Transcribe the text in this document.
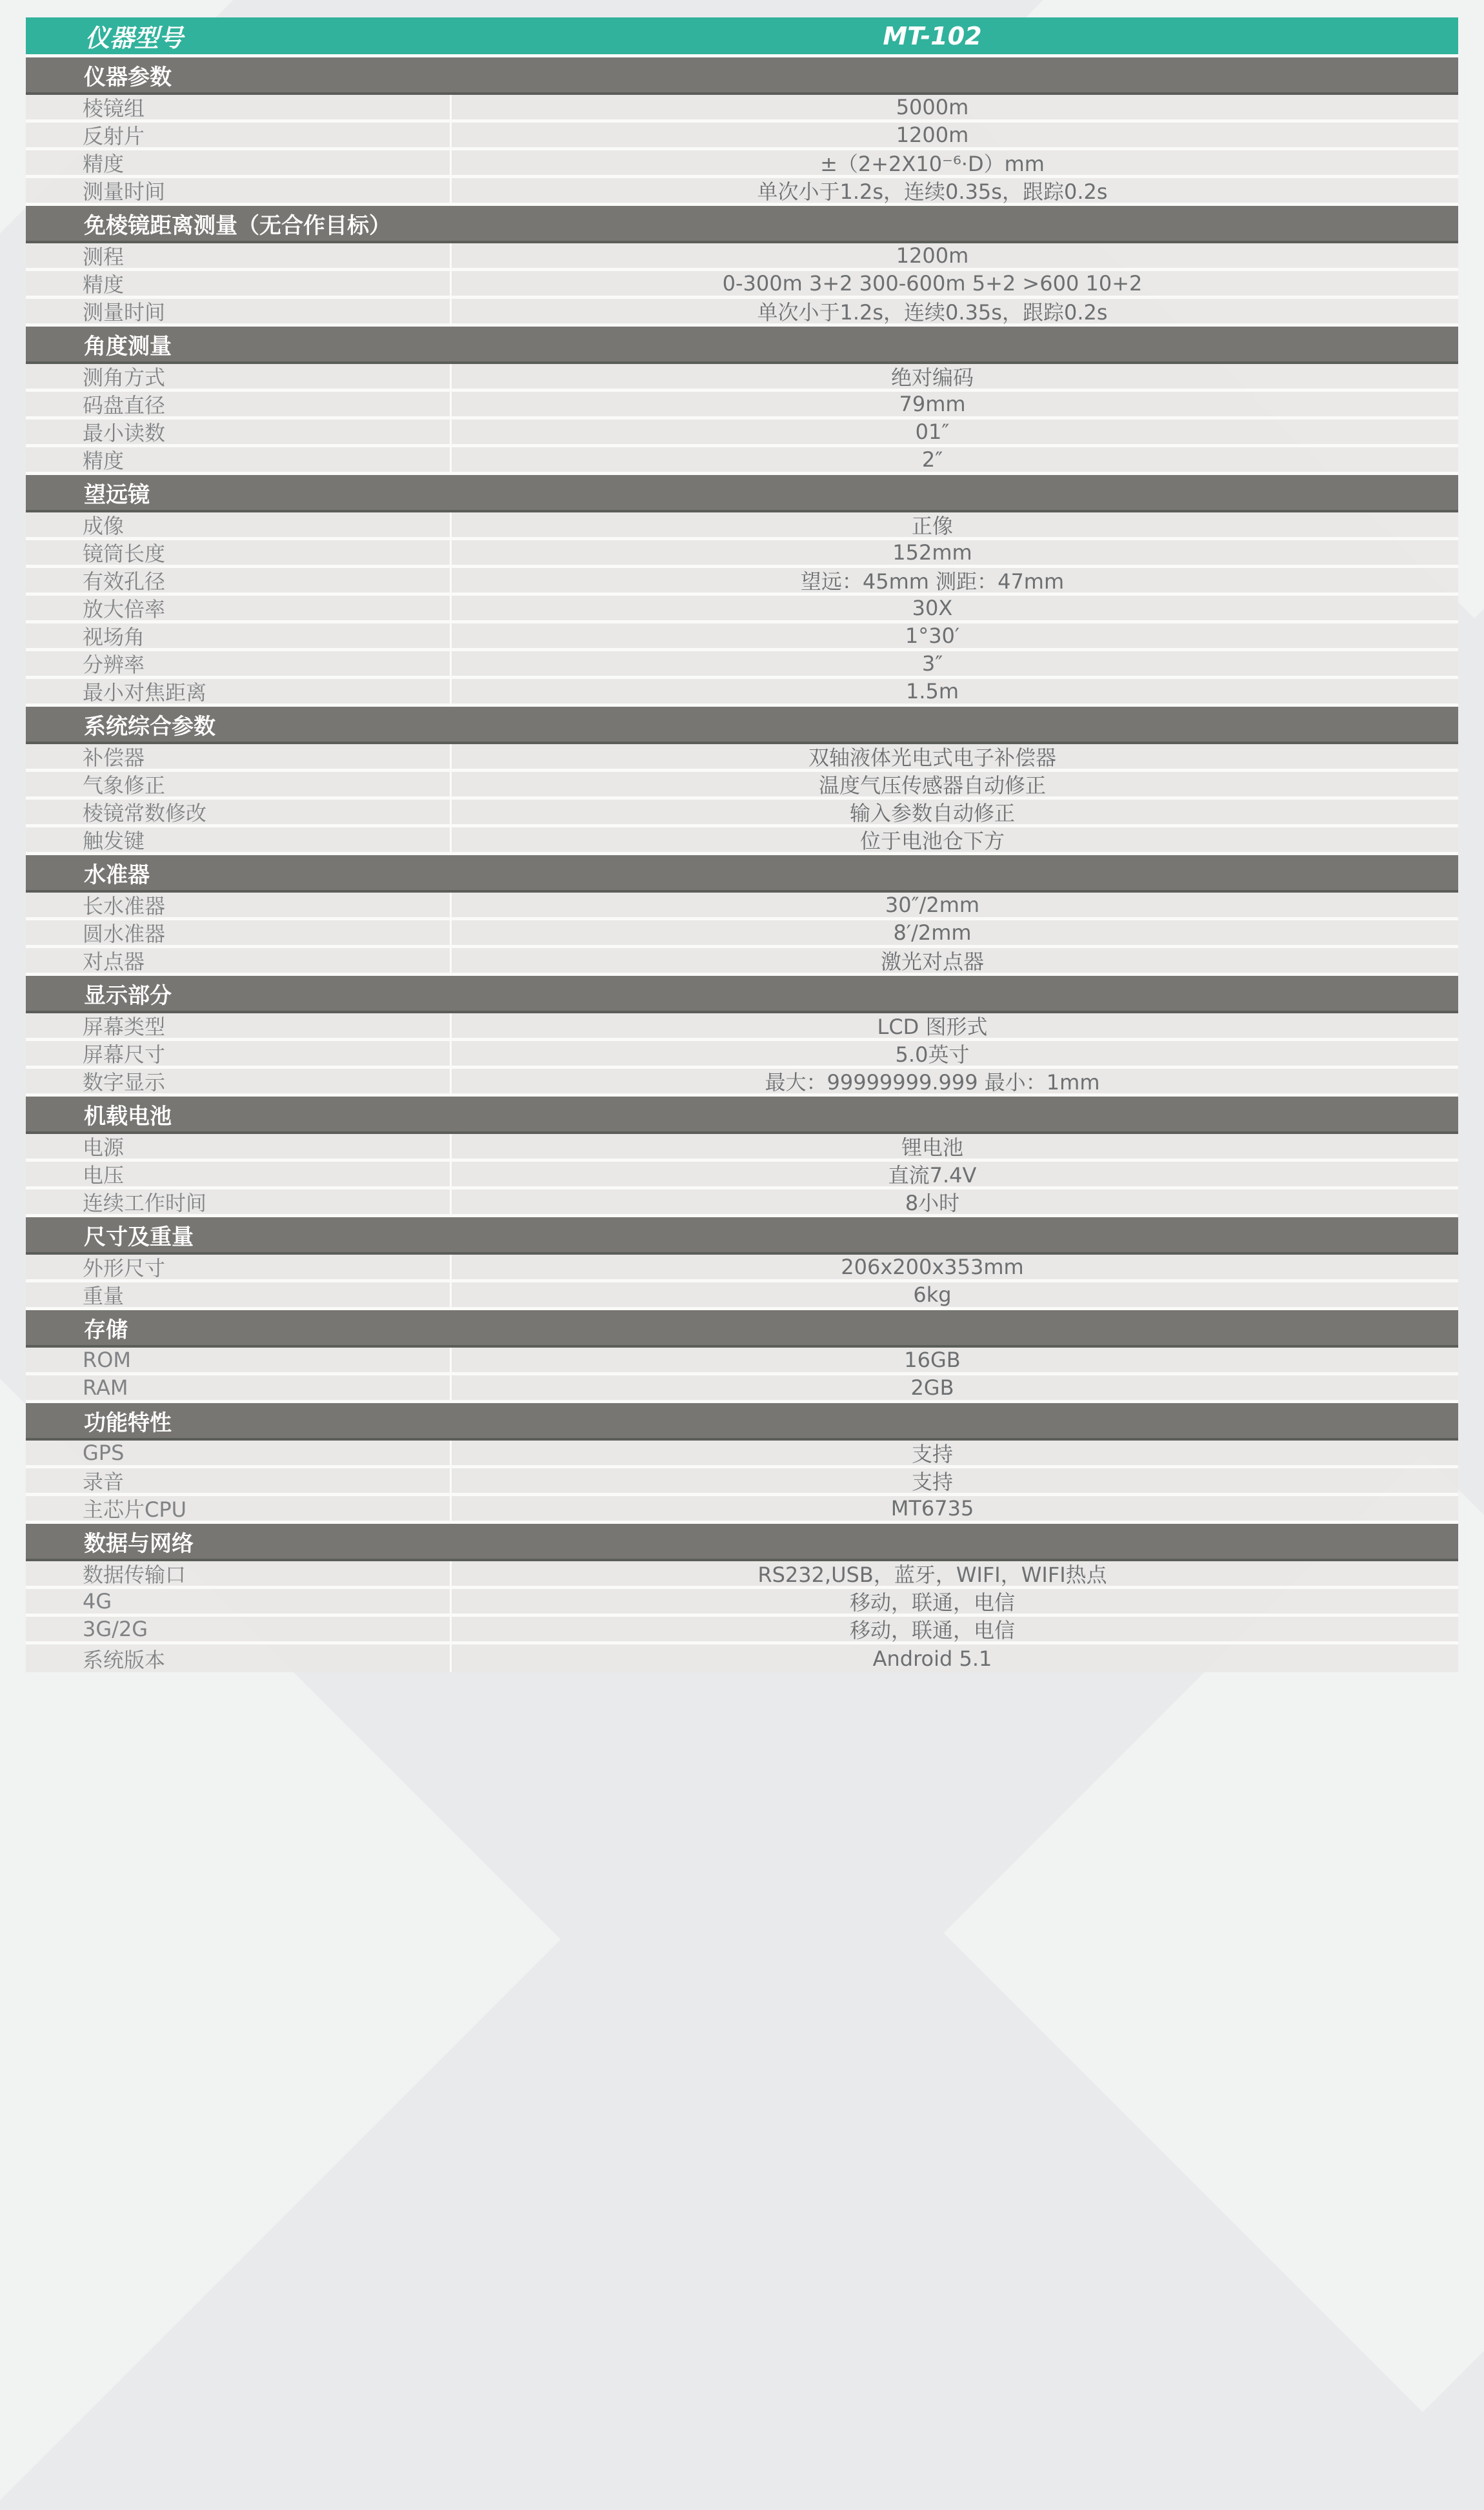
仪器型号	MT-102
仪器参数
棱镜组	5000m
反射片	1200m
精度	±（2+2X10⁻⁶·D）mm
测量时间	单次小于1.2s，连续0.35s，跟踪0.2s
免棱镜距离测量（无合作目标）
测程	1200m
精度	0-300m 3+2 300-600m 5+2 >600 10+2
测量时间	单次小于1.2s，连续0.35s，跟踪0.2s
角度测量
测角方式	绝对编码
码盘直径	79mm
最小读数	01″
精度	2″
望远镜
成像	正像
镜筒长度	152mm
有效孔径	望远：45mm 测距：47mm
放大倍率	30X
视场角	1°30′
分辨率	3″
最小对焦距离	1.5m
系统综合参数
补偿器	双轴液体光电式电子补偿器
气象修正	温度气压传感器自动修正
棱镜常数修改	输入参数自动修正
触发键	位于电池仓下方
水准器
长水准器	30″/2mm
圆水准器	8′/2mm
对点器	激光对点器
显示部分
屏幕类型	LCD 图形式
屏幕尺寸	5.0英寸
数字显示	最大：99999999.999 最小：1mm
机载电池
电源	锂电池
电压	直流7.4V
连续工作时间	8小时
尺寸及重量
外形尺寸	206x200x353mm
重量	6kg
存储
ROM	16GB
RAM	2GB
功能特性
GPS	支持
录音	支持
主芯片CPU	MT6735
数据与网络
数据传输口	RS232,USB，蓝牙，WIFI，WIFI热点
4G	移动，联通，电信
3G/2G	移动，联通，电信
系统版本	Android 5.1
